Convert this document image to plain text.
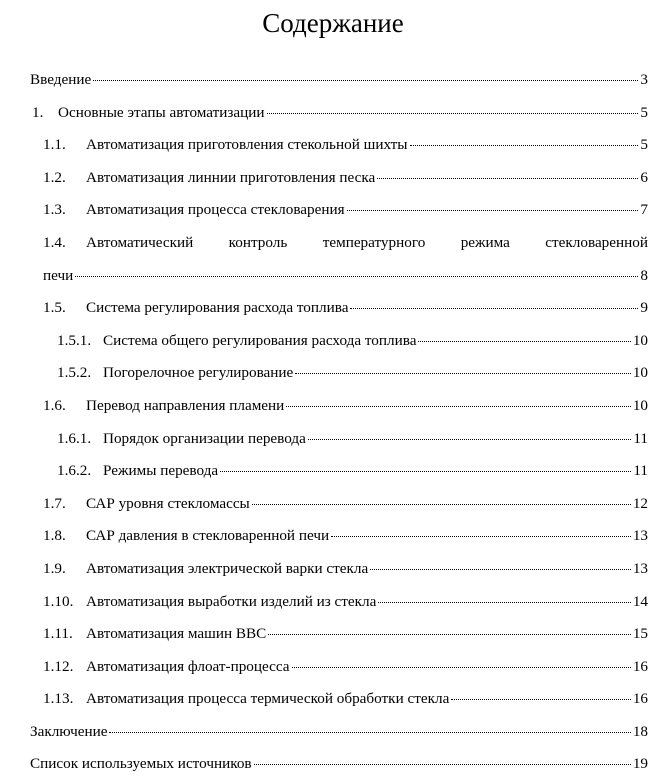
Содержание
Введение	3
1. Основные этапы автоматизации	5
1.1.	Автоматизация приготовления стекольной шихты	5
1.2.	Автоматизация линнии приготовления песка	6
1.3.	Автоматизация процесса стекловарения	7
1.4.	Автоматический контроль температурного режима стекловаренной
печи	8
1.5.	Система регулирования расхода топлива	9
1.5.1. Система общего регулирования расхода топлива	10
1.5.2. Погорелочное регулирование	10
1.6.	Перевод направления пламени	10
1.6.1. Порядок организации перевода	11
1.6.2. Режимы перевода	11
1.7.	САР уровня стекломассы	12
1.8.	САР давления в стекловаренной печи	13
1.9.	Автоматизация электрической варки стекла	13
1.10. Автоматизация выработки изделий из стекла	14
1.11. Автоматизация машин ВВС	15
1.12. Автоматизация флоат-процесса	16
1.13. Автоматизация процесса термической обработки стекла	16
Заключение	18
Список используемых источников	19
